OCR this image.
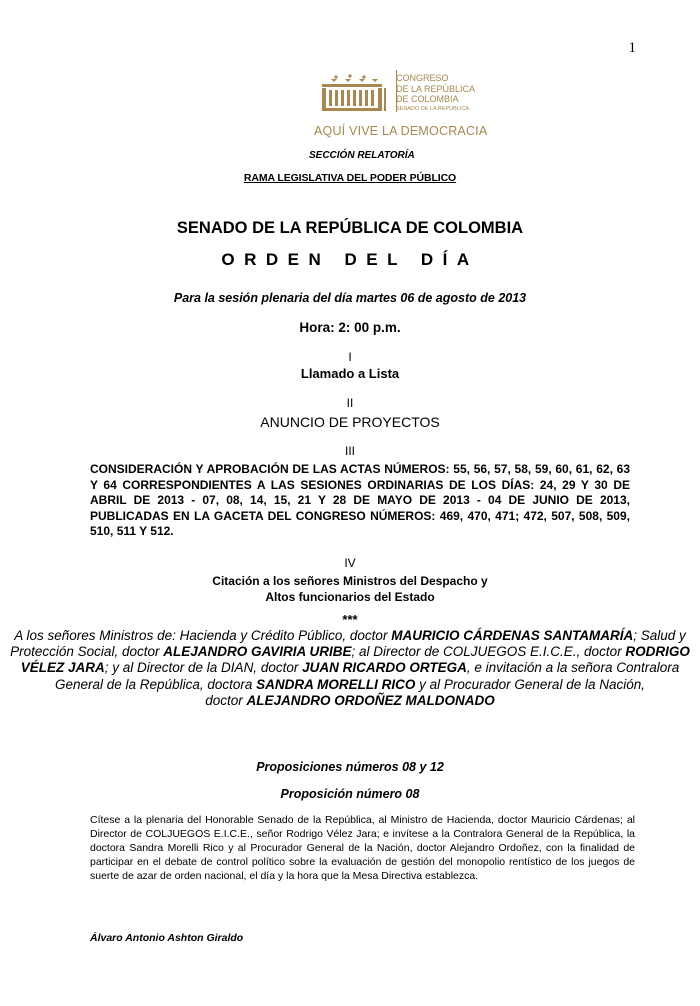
1
CONGRESO
DE LA REPÚBLICA
DE COLOMBIA
SENADO DE LA REPÚBLICA
AQUÍ VIVE LA DEMOCRACIA
SECCIÓN RELATORÍA
RAMA LEGISLATIVA DEL PODER PÚBLICO
SENADO DE LA REPÚBLICA DE COLOMBIA
ORDEN DEL DÍA
Para la sesión plenaria del día martes 06 de agosto de 2013
Hora: 2: 00 p.m.
I
Llamado a Lista
II
ANUNCIO DE PROYECTOS
III
CONSIDERACIÓN Y APROBACIÓN DE LAS ACTAS NÚMEROS: 55, 56, 57, 58, 59, 60, 61, 62, 63 Y 64 CORRESPONDIENTES A LAS SESIONES ORDINARIAS DE LOS DÍAS: 24, 29 Y 30 DE ABRIL DE 2013 - 07, 08, 14, 15, 21 Y 28 DE MAYO DE 2013 - 04 DE JUNIO DE 2013, PUBLICADAS EN LA GACETA DEL CONGRESO NÚMEROS: 469, 470, 471; 472, 507, 508, 509, 510, 511 Y 512.
IV
Citación a los señores Ministros del Despacho y
Altos funcionarios del Estado
***
A los señores Ministros de: Hacienda y Crédito Público, doctor MAURICIO CÁRDENAS SANTAMARÍA; Salud y Protección Social, doctor ALEJANDRO GAVIRIA URIBE; al Director de COLJUEGOS E.I.C.E., doctor RODRIGO VÉLEZ JARA; y al Director de la DIAN, doctor JUAN RICARDO ORTEGA, e invitación a la señora Contralora General de la República, doctora SANDRA MORELLI RICO y al Procurador General de la Nación,
doctor ALEJANDRO ORDOÑEZ MALDONADO
Proposiciones números 08 y 12
Proposición número 08
Cítese a la plenaria del Honorable Senado de la República, al Ministro de Hacienda, doctor Mauricio Cárdenas; al Director de COLJUEGOS E.I.C.E., señor Rodrigo Vélez Jara; e invítese a la Contralora General de la República, la doctora Sandra Morelli Rico y al Procurador General de la Nación, doctor Alejandro Ordoñez, con la finalidad de participar en el debate de control político sobre la evaluación de gestión del monopolio rentístico de los juegos de suerte de azar de orden nacional, el día y la hora que la Mesa Directiva establezca.
Álvaro Antonio Ashton Giraldo
